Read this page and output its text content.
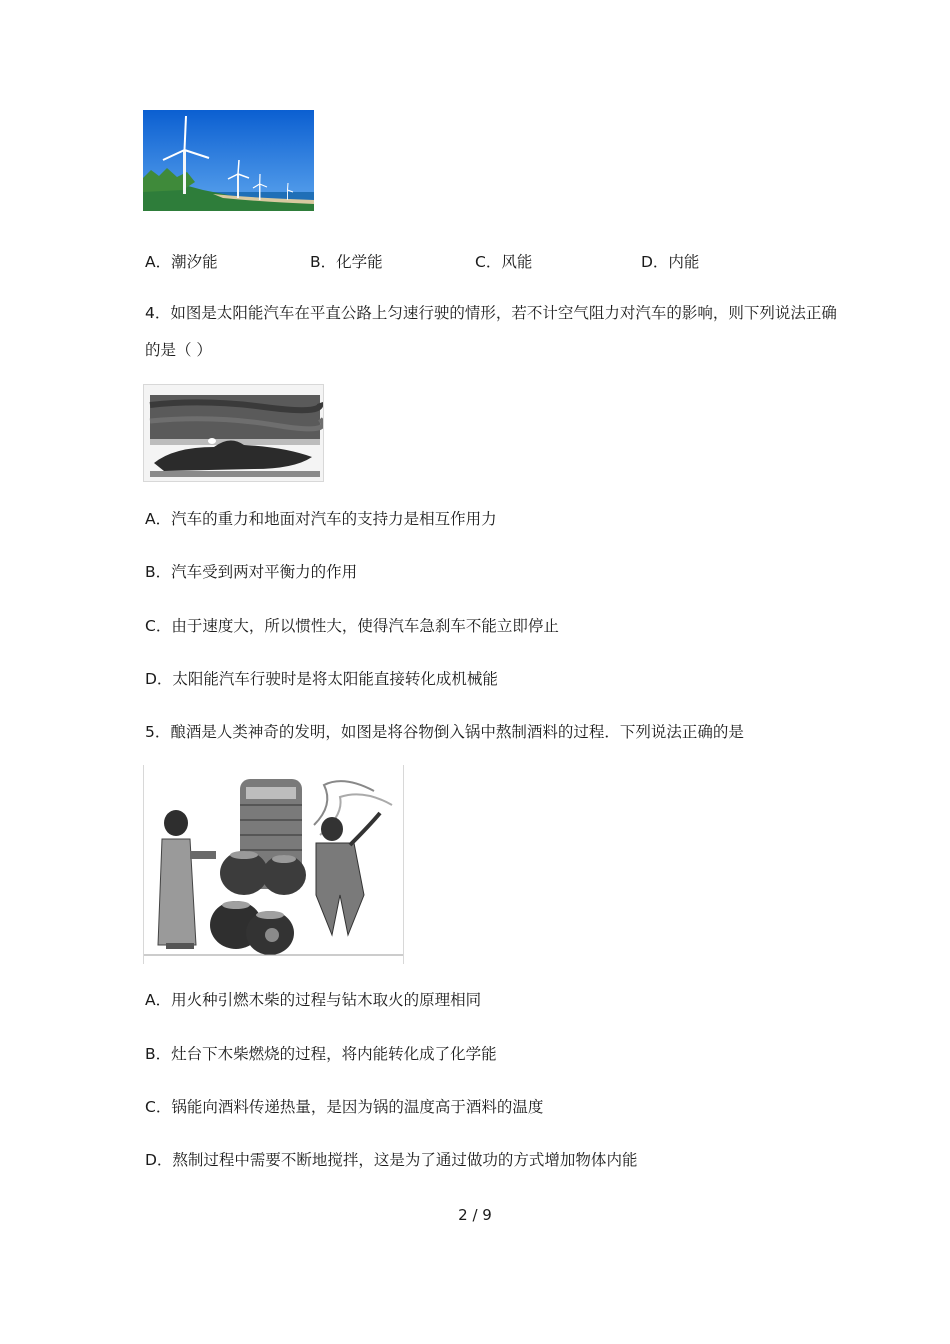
A．潮汐能	B．化学能	C．风能	D．内能
4．如图是太阳能汽车在平直公路上匀速行驶的情形，若不计空气阻力对汽车的影响，则下列说法正确
的是（ ）
A．汽车的重力和地面对汽车的支持力是相互作用力
B．汽车受到两对平衡力的作用
C．由于速度大，所以惯性大，使得汽车急刹车不能立即停止
D．太阳能汽车行驶时是将太阳能直接转化成机械能
5．酿酒是人类神奇的发明，如图是将谷物倒入锅中熬制酒料的过程．下列说法正确的是
A．用火种引燃木柴的过程与钻木取火的原理相同
B．灶台下木柴燃烧的过程，将内能转化成了化学能
C．锅能向酒料传递热量，是因为锅的温度高于酒料的温度
D．熬制过程中需要不断地搅拌，这是为了通过做功的方式增加物体内能
2 / 9
